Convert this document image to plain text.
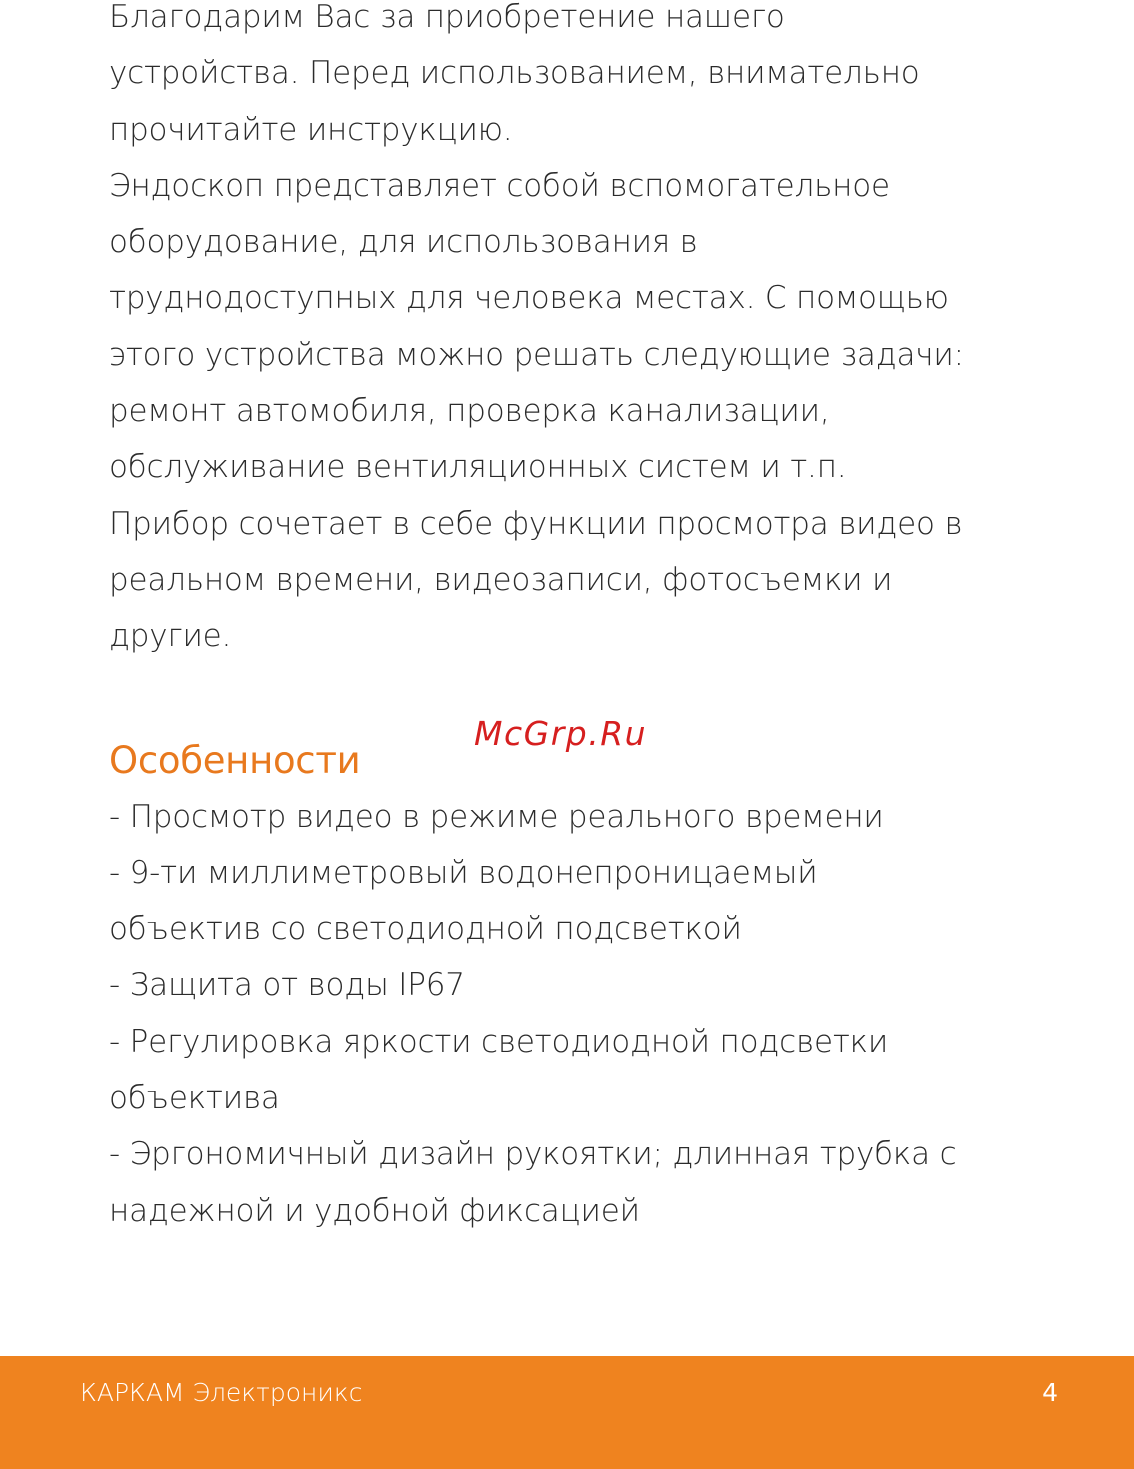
Благодарим Вас за приобретение нашего
устройства. Перед использованием, внимательно
прочитайте инструкцию.
Эндоскоп представляет собой вспомогательное
оборудование, для использования в
труднодоступных для человека местах. С помощью
этого устройства можно решать следующие задачи:
ремонт автомобиля, проверка канализации,
обслуживание вентиляционных систем и т.п.
Прибор сочетает в себе функции просмотра видео в
реальном времени, видеозаписи, фотосъемки и
другие.
Особенности
- Просмотр видео в режиме реального времени
- 9-ти миллиметровый водонепроницаемый
объектив со светодиодной подсветкой
- Защита от воды IP67
- Регулировка яркости светодиодной подсветки
объектива
- Эргономичный дизайн рукоятки; длинная трубка с
надежной и удобной фиксацией
McGrp.Ru
КАРКАМ Электроникс	4
